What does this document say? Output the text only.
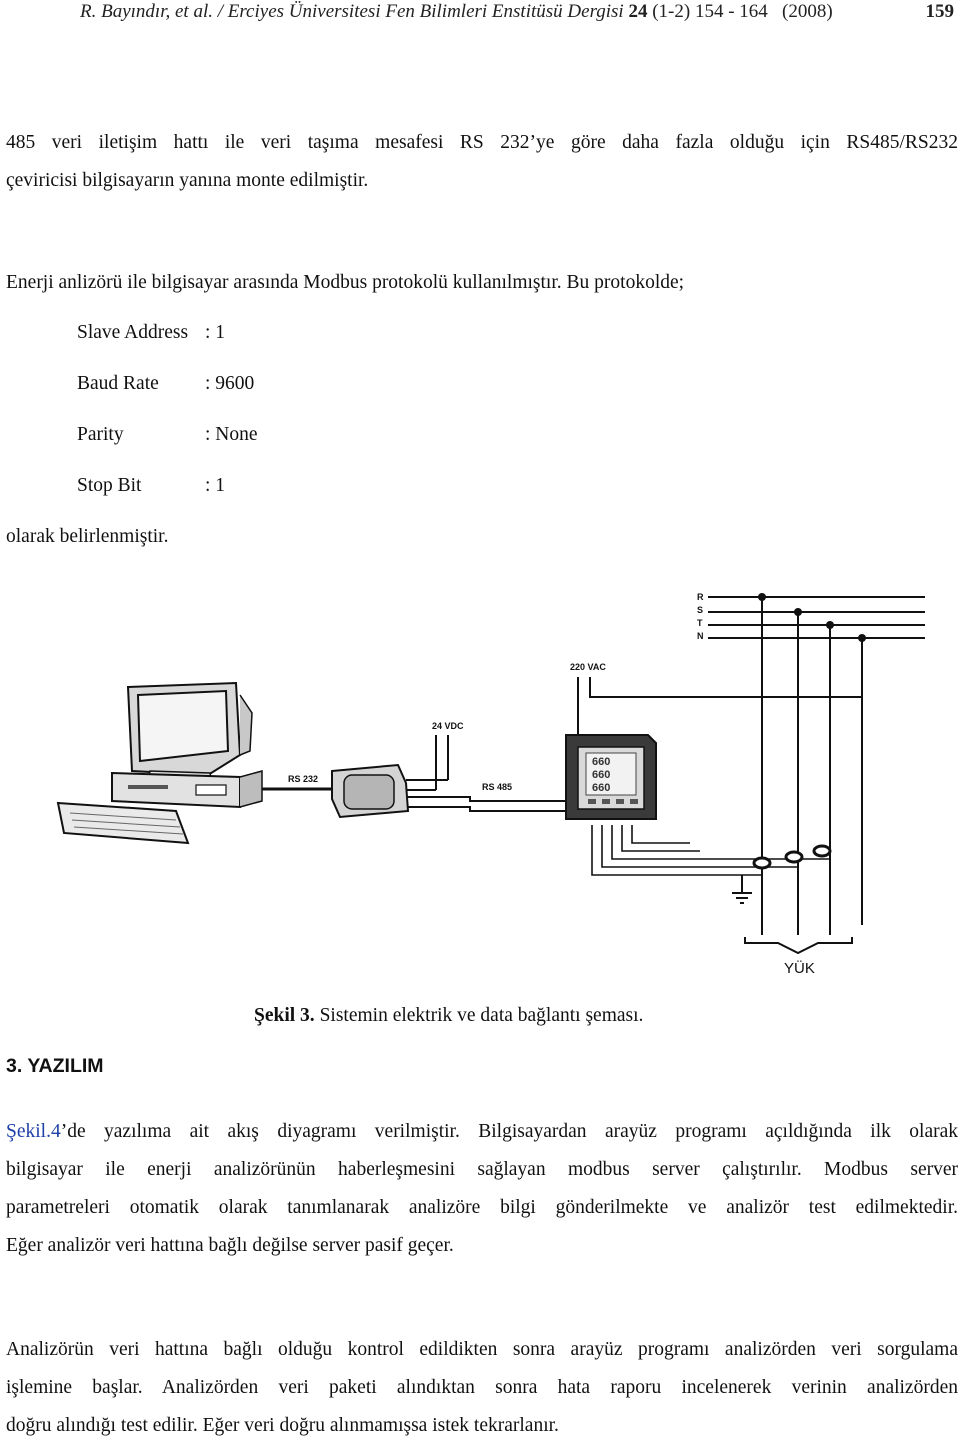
R. Bayındır, et al. / Erciyes Üniversitesi Fen Bilimleri Enstitüsü Dergisi 24 (1-2) 154 - 164 (2008)	159
485 veri iletişim hattı ile veri taşıma mesafesi RS 232’ye göre daha fazla olduğu için RS485/RS232
çeviricisi bilgisayarın yanına monte edilmiştir.
Enerji anlizörü ile bilgisayar arasında Modbus protokolü kullanılmıştır. Bu protokolde;
Slave Address : 1
Baud Rate : 9600
Parity	: None
Stop Bit	: 1
olarak belirlenmiştir.
R
S
T
N
220 VAC
24 VDC
RS 232
RS 485
YÜK
660
660
660
Şekil 3. Sistemin elektrik ve data bağlantı şeması.
3. YAZILIM
Şekil.4’de yazılıma ait akış diyagramı verilmiştir. Bilgisayardan arayüz programı açıldığında ilk olarak
bilgisayar ile enerji analizörünün haberleşmesini sağlayan modbus server çalıştırılır. Modbus server
parametreleri otomatik olarak tanımlanarak analizöre bilgi gönderilmekte ve analizör test edilmektedir.
Eğer analizör veri hattına bağlı değilse server pasif geçer.
Analizörün veri hattına bağlı olduğu kontrol edildikten sonra arayüz programı analizörden veri sorgulama
işlemine başlar. Analizörden veri paketi alındıktan sonra hata raporu incelenerek verinin analizörden
doğru alındığı test edilir. Eğer veri doğru alınmamışsa istek tekrarlanır.
